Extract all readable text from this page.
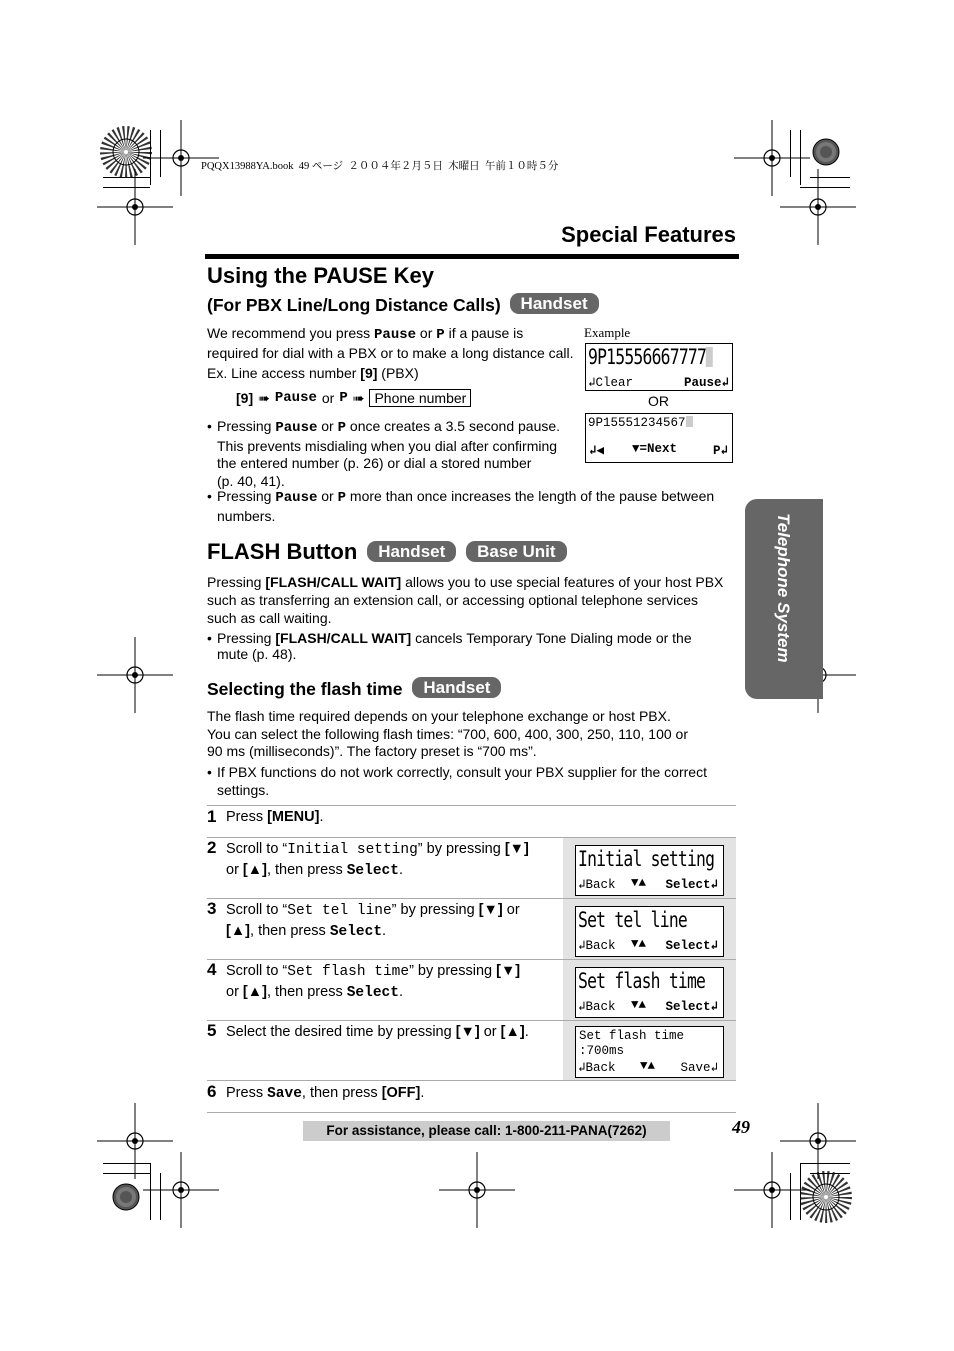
PQQX13988YA.book  49 ページ  ２００４年２月５日  木曜日  午前１０時５分
Special Features
Telephone System
Using the PAUSE Key
(For PBX Line/Long Distance Calls) Handset

We recommend you press Pause or P if a pause is

required for dial with a PBX or to make a long distance call.

Ex. Line access number [9] (PBX)

[9] ➠ Pause or P ➠ Phone number
Example
9P15556667777
↲Clear	Pause↲
OR
9P15551234567
↲◀ ▼=Next	P↲
• Pressing Pause or P once creates a 3.5 second pause.

This prevents misdialing when you dial after confirming

the entered number (p. 26) or dial a stored number

(p. 40, 41).

• Pressing Pause or P more than once increases the length of the pause between

numbers.

FLASH Button Handset Base Unit

Pressing [FLASH/CALL WAIT] allows you to use special features of your host PBX

such as transferring an extension call, or accessing optional telephone services

such as call waiting.

• Pressing [FLASH/CALL WAIT] cancels Temporary Tone Dialing mode or the

mute (p. 48).

Selecting the flash time Handset

The flash time required depends on your telephone exchange or host PBX.

You can select the following flash times: “700, 600, 400, 300, 250, 110, 100 or

90 ms (milliseconds)”. The factory preset is “700 ms”.

• If PBX functions do not work correctly, consult your PBX supplier for the correct

settings.

1 Press [MENU].
2 Scroll to “Initial setting” by pressing [▼]

or [▲], then press Select.

3 Scroll to “Set tel line” by pressing [▼] or

[▲], then press Select.

4 Scroll to “Set flash time” by pressing [▼]

or [▲], then press Select.

5 Select the desired time by pressing [▼] or [▲].

6 Press Save, then press [OFF].
Initial setting
↲Back ▼▲ Select↲
Set tel line
↲Back ▼▲ Select↲
Set flash time
↲Back ▼▲ Select↲
Set flash time
:700ms
↲Back ▼▲ Save↲
For assistance, please call: 1-800-211-PANA(7262)	49
